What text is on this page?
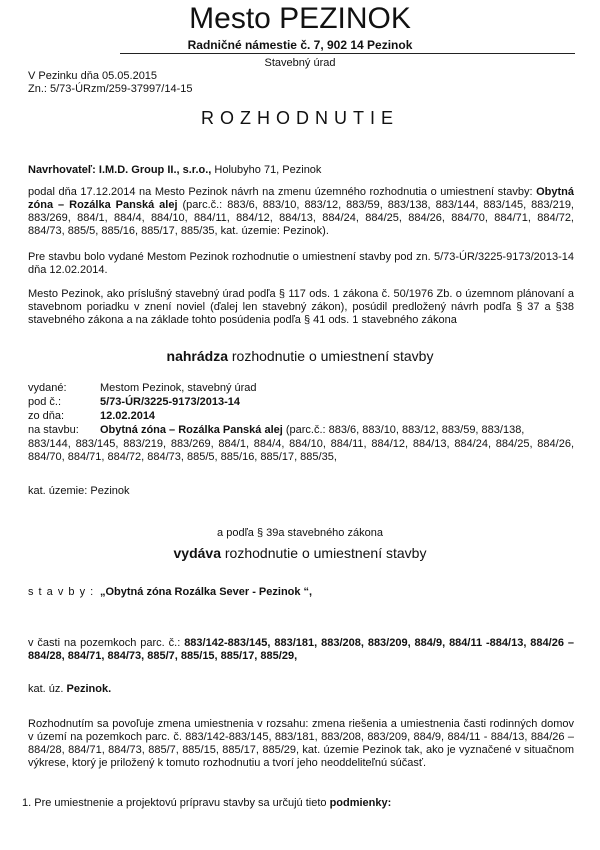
Mesto PEZINOK
Radničné námestie č. 7, 902 14 Pezinok
Stavebný úrad
V Pezinku dňa 05.05.2015
Zn.: 5/73-ÚRzm/259-37997/14-15
ROZHODNUTIE
Navrhovateľ: I.M.D. Group II., s.r.o., Holubyho 71, Pezinok
podal dňa 17.12.2014 na Mesto Pezinok návrh na zmenu územného rozhodnutia o umiestnení stavby: Obytná zóna – Rozálka Panská alej (parc.č.: 883/6, 883/10, 883/12, 883/59, 883/138, 883/144, 883/145, 883/219, 883/269, 884/1, 884/4, 884/10, 884/11, 884/12, 884/13, 884/24, 884/25, 884/26, 884/70, 884/71, 884/72, 884/73, 885/5, 885/16, 885/17, 885/35, kat. územie: Pezinok).
Pre stavbu bolo vydané Mestom Pezinok rozhodnutie o umiestnení stavby pod zn. 5/73-ÚR/3225-9173/2013-14 dňa 12.02.2014.
Mesto Pezinok, ako príslušný stavebný úrad podľa § 117 ods. 1 zákona č. 50/1976 Zb. o územnom plánovaní a stavebnom poriadku v znení noviel (ďalej len stavebný zákon), posúdil predložený návrh podľa § 37 a §38 stavebného zákona a na základe tohto posúdenia podľa § 41 ods. 1 stavebného zákona
nahrádza rozhodnutie o umiestnení stavby
vydané:	Mestom Pezinok, stavebný úrad
pod č.:	5/73-ÚR/3225-9173/2013-14
zo dňa:	12.02.2014
na stavbu:	Obytná zóna – Rozálka Panská alej (parc.č.: 883/6, 883/10, 883/12, 883/59, 883/138,
883/144, 883/145, 883/219, 883/269, 884/1, 884/4, 884/10, 884/11, 884/12, 884/13, 884/24, 884/25, 884/26, 884/70, 884/71, 884/72, 884/73, 885/5, 885/16, 885/17, 885/35,
kat. územie: Pezinok
a podľa § 39a stavebného zákona
vydáva rozhodnutie o umiestnení stavby
s t a v b y : „Obytná zóna Rozálka Sever - Pezinok “,
v časti na pozemkoch parc. č.: 883/142-883/145, 883/181, 883/208, 883/209, 884/9, 884/11 -884/13, 884/26 – 884/28, 884/71, 884/73, 885/7, 885/15, 885/17, 885/29,
kat. úz. Pezinok.
Rozhodnutím sa povoľuje zmena umiestnenia v rozsahu: zmena riešenia a umiestnenia časti rodinných domov v území na pozemkoch parc. č. 883/142-883/145, 883/181, 883/208, 883/209, 884/9, 884/11 - 884/13, 884/26 – 884/28, 884/71, 884/73, 885/7, 885/15, 885/17, 885/29, kat. územie Pezinok tak, ako je vyznačené v situačnom výkrese, ktorý je priložený k tomuto rozhodnutiu a tvorí jeho neoddeliteľnú súčasť.
1. Pre umiestnenie a projektovú prípravu stavby sa určujú tieto podmienky:
